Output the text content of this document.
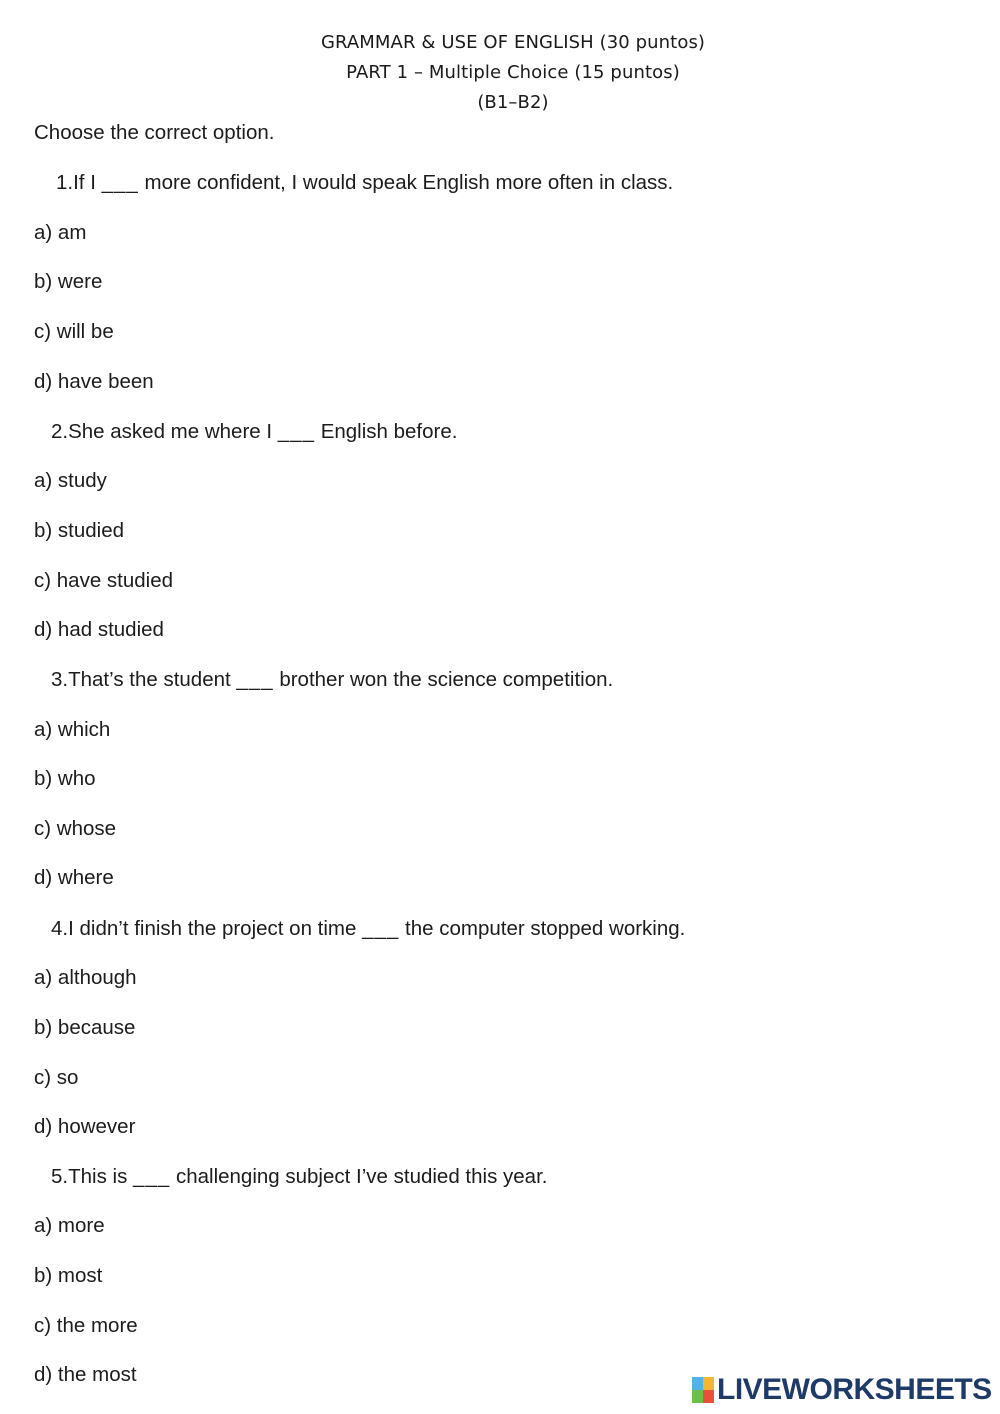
GRAMMAR & USE OF ENGLISH (30 puntos)
PART 1 – Multiple Choice (15 puntos)
(B1–B2)
Choose the correct option.
1.If I ___ more confident, I would speak English more often in class.
a) am
b) were
c) will be
d) have been
2.She asked me where I ___ English before.
a) study
b) studied
c) have studied
d) had studied
3.That’s the student ___ brother won the science competition.
a) which
b) who
c) whose
d) where
4.I didn’t finish the project on time ___ the computer stopped working.
a) although
b) because
c) so
d) however
5.This is ___ challenging subject I’ve studied this year.
a) more
b) most
c) the more
d) the most	LIVEWORKSHEETS
